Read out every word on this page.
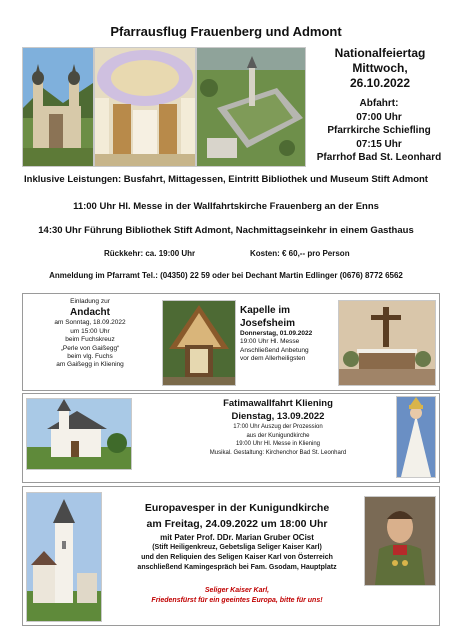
Pfarrausflug Frauenberg und Admont
Nationalfeiertag
Mittwoch,
26.10.2022
Abfahrt:
07:00 Uhr
Pfarrkirche Schiefling
07:15 Uhr
Pfarrhof Bad St. Leonhard
Inklusive Leistungen: Busfahrt, Mittagessen, Eintritt Bibliothek und Museum Stift Admont
11:00 Uhr Hl. Messe in der Wallfahrtskirche Frauenberg an der Enns
14:30 Uhr Führung Bibliothek Stift Admont, Nachmittagseinkehr in einem Gasthaus
Rückkehr: ca. 19:00 Uhr	Kosten: € 60,-- pro Person
Anmeldung im Pfarramt Tel.: (04350) 22 59 oder bei Dechant Martin Edlinger (0676) 8772 6562
Einladung zur
Andacht
am Sonntag, 18.09.2022
um 15:00 Uhr
beim Fuchskreuz
„Perle von Gaißegg“
beim vlg. Fuchs
am Gaißegg in Kliening
Kapelle im
Josefsheim
Donnerstag, 01.09.2022
19:00 Uhr Hl. Messe
Anschließend Anbetung
vor dem Allerheiligsten
Fatimawallfahrt Kliening
Dienstag, 13.09.2022
17:00 Uhr Auszug der Prozession
aus der Kunigundkirche
19:00 Uhr Hl. Messe in Kliening
Musikal. Gestaltung: Kirchenchor Bad St. Leonhard
Europavesper in der Kunigundkirche
am Freitag, 24.09.2022 um 18:00 Uhr
mit Pater Prof. DDr. Marian Gruber OCist
(Stift Heiligenkreuz, Gebetsliga Seliger Kaiser Karl)
und den Reliquien des Seligen Kaiser Karl von Österreich
anschließend Kamingespräch bei Fam. Gsodam, Hauptplatz
Seliger Kaiser Karl,
Friedensfürst für ein geeintes Europa, bitte für uns!
